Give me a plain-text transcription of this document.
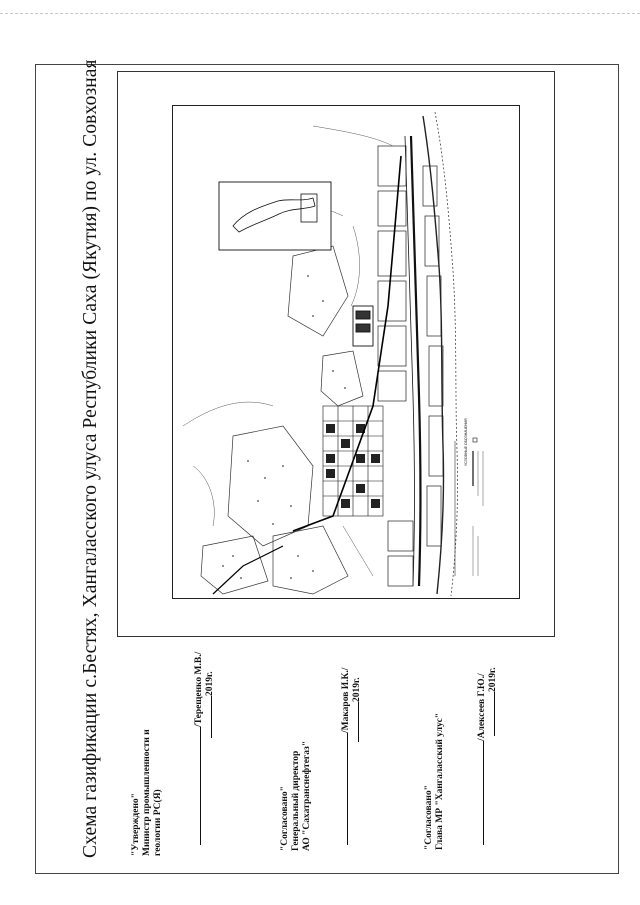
Схема газификации с.Бестях, Хангаласского улуса Республики Саха (Якутия) по ул. Совхозная	"Утверждено" Министр промышленности и геологии РС(Я)
/Терещенко М.В./ 2019г.
"Согласовано" Генеральный директор АО "Сахатранснефтегаз"
/Макаров И.К./ 2019г.
"Согласовано" Глава МР "Хангаласский улус"
/Алексеев Г.Ю./ 2019г.
УСЛОВНЫЕ ОБОЗНАЧЕНИЯ
